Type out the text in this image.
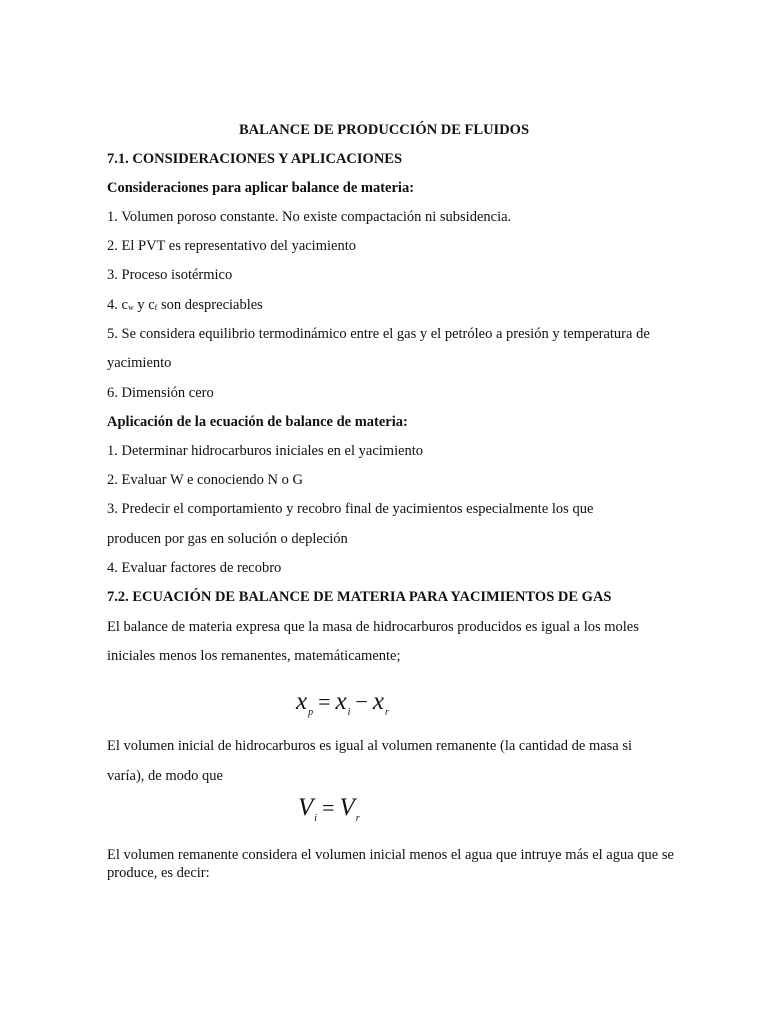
BALANCE DE PRODUCCIÓN DE FLUIDOS
7.1. CONSIDERACIONES Y APLICACIONES
Consideraciones para aplicar balance de materia:
1. Volumen poroso constante. No existe compactación ni subsidencia.
2. El PVT es representativo del yacimiento
3. Proceso isotérmico
4. cw y cf son despreciables
5. Se considera equilibrio termodinámico entre el gas y el petróleo a presión y temperatura de
yacimiento
6. Dimensión cero
Aplicación de la ecuación de balance de materia:
1. Determinar hidrocarburos iniciales en el yacimiento
2. Evaluar W e conociendo N o G
3. Predecir el comportamiento y recobro final de yacimientos especialmente los que
producen por gas en solución o depleción
4. Evaluar factores de recobro
7.2. ECUACIÓN DE BALANCE DE MATERIA PARA YACIMIENTOS DE GAS
El balance de materia expresa que la masa de hidrocarburos producidos es igual a los moles
iniciales menos los remanentes, matemáticamente;
$x_p = x_i - x_r$
El volumen inicial de hidrocarburos es igual al volumen remanente (la cantidad de masa si
varía), de modo que
$V_i = V_r$
El volumen remanente considera el volumen inicial menos el agua que intruye más el agua que se
produce, es decir:
